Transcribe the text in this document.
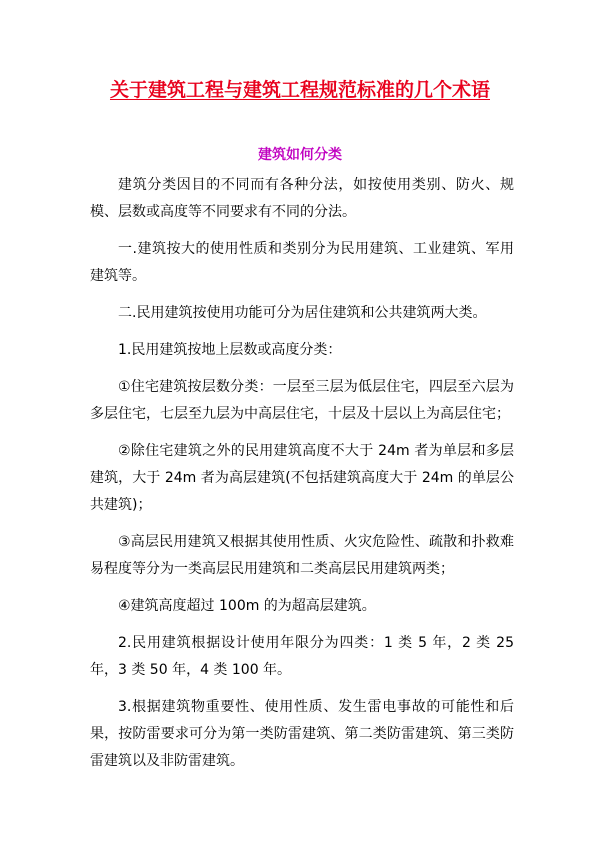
关于建筑工程与建筑工程规范标准的几个术语
建筑如何分类

建筑分类因目的不同而有各种分法，如按使用类别、防火、规模、层数或高度等不同要求有不同的分法。

一.建筑按大的使用性质和类别分为民用建筑、工业建筑、军用建筑等。

二.民用建筑按使用功能可分为居住建筑和公共建筑两大类。

1.民用建筑按地上层数或高度分类：

①住宅建筑按层数分类：一层至三层为低层住宅，四层至六层为多层住宅，七层至九层为中高层住宅，十层及十层以上为高层住宅；

②除住宅建筑之外的民用建筑高度不大于 24m 者为单层和多层建筑，大于 24m 者为高层建筑(不包括建筑高度大于 24m 的单层公共建筑)；

③高层民用建筑又根据其使用性质、火灾危险性、疏散和扑救难易程度等分为一类高层民用建筑和二类高层民用建筑两类；

④建筑高度超过 100m 的为超高层建筑。

2.民用建筑根据设计使用年限分为四类：1 类 5 年，2 类 25 年，3 类 50 年，4 类 100 年。

3.根据建筑物重要性、使用性质、发生雷电事故的可能性和后果，按防雷要求可分为第一类防雷建筑、第二类防雷建筑、第三类防雷建筑以及非防雷建筑。
